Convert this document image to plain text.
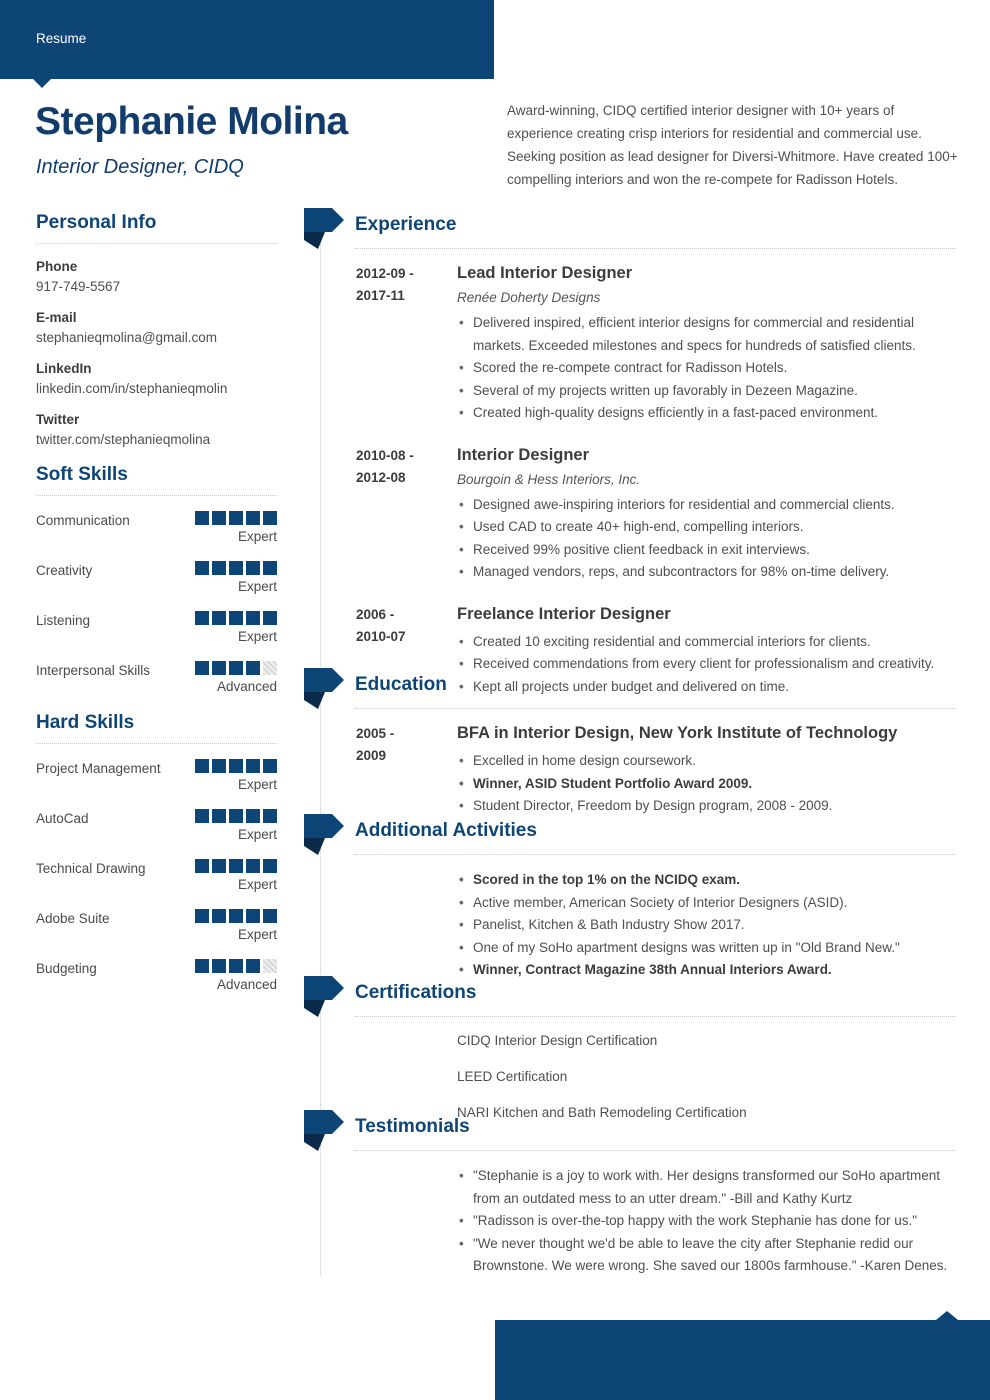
Resume
Stephanie Molina
Interior Designer, CIDQ

Award-winning, CIDQ certified interior designer with 10+ years of experience creating crisp interiors for residential and commercial use. Seeking position as lead designer for Diversi-Whitmore. Have created 100+ compelling interiors and won the re-compete for Radisson Hotels.

Personal Info
Phone
917-749-5567
E-mail
stephanieqmolina@gmail.com
LinkedIn
linkedin.com/in/stephanieqmolin
Twitter
twitter.com/stephanieqmolina
Soft Skills
Communication
Expert
Creativity
Expert
Listening
Expert
Interpersonal Skills
Advanced
Hard Skills
Project Management
Expert
AutoCad
Expert
Technical Drawing
Expert
Adobe Suite
Expert
Budgeting
Advanced
Experience
2012-09 -
2017-11
Lead Interior Designer
Renée Doherty Designs
• Delivered inspired, efficient interior designs for commercial and residential markets. Exceeded milestones and specs for hundreds of satisfied clients.
• Scored the re-compete contract for Radisson Hotels.
• Several of my projects written up favorably in Dezeen Magazine.
• Created high-quality designs efficiently in a fast-paced environment.
2010-08 -
2012-08
Interior Designer
Bourgoin & Hess Interiors, Inc.
• Designed awe-inspiring interiors for residential and commercial clients.
• Used CAD to create 40+ high-end, compelling interiors.
• Received 99% positive client feedback in exit interviews.
• Managed vendors, reps, and subcontractors for 98% on-time delivery.
2006 -
2010-07
Freelance Interior Designer
• Created 10 exciting residential and commercial interiors for clients.
• Received commendations from every client for professionalism and creativity.
• Kept all projects under budget and delivered on time.
Education
2005 -
2009
BFA in Interior Design, New York Institute of Technology
• Excelled in home design coursework.
• Winner, ASID Student Portfolio Award 2009.
• Student Director, Freedom by Design program, 2008 - 2009.
Additional Activities
• Scored in the top 1% on the NCIDQ exam.
• Active member, American Society of Interior Designers (ASID).
• Panelist, Kitchen & Bath Industry Show 2017.
• One of my SoHo apartment designs was written up in "Old Brand New."
• Winner, Contract Magazine 38th Annual Interiors Award.
Certifications
CIDQ Interior Design Certification
LEED Certification
NARI Kitchen and Bath Remodeling Certification
Testimonials
• "Stephanie is a joy to work with. Her designs transformed our SoHo apartment from an outdated mess to an utter dream." -Bill and Kathy Kurtz
• "Radisson is over-the-top happy with the work Stephanie has done for us."
• "We never thought we'd be able to leave the city after Stephanie redid our Brownstone. We were wrong. She saved our 1800s farmhouse." -Karen Denes.
